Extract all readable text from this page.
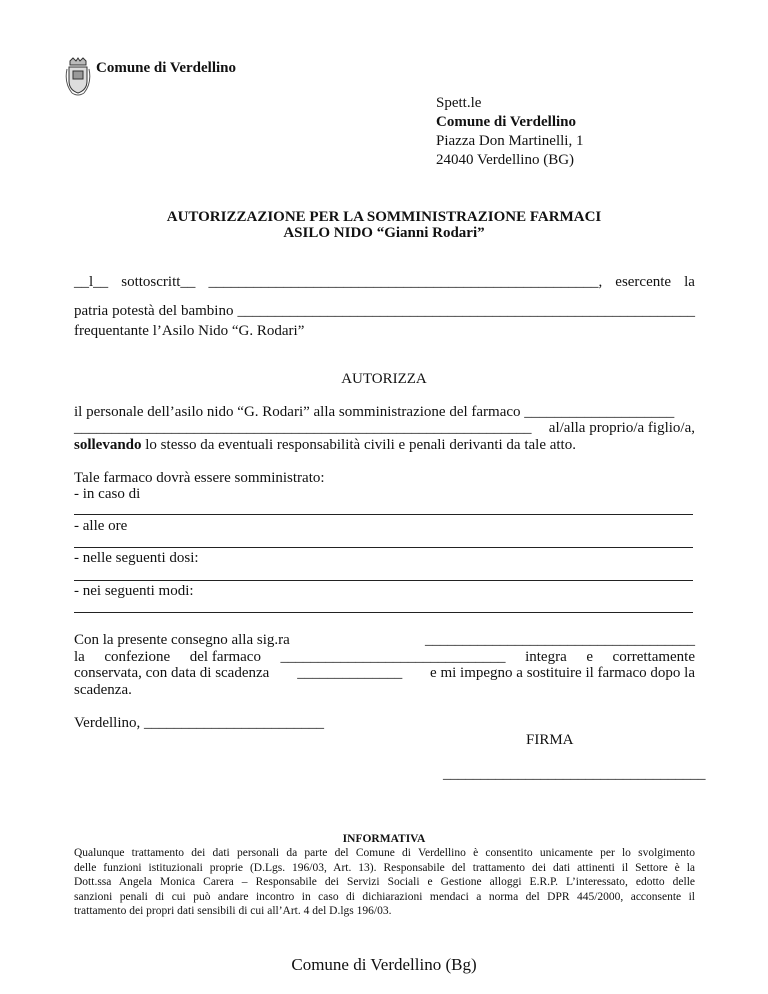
Comune di Verdellino
Spett.le
Comune di Verdellino
Piazza Don Martinelli, 1
24040 Verdellino (BG)
AUTORIZZAZIONE PER LA SOMMINISTRAZIONE FARMACI
ASILO NIDO “Gianni Rodari”
__l__ sottoscritt__ ____________________________________________________, esercente la
patria potestà del bambino _____________________________________________________________
frequentante l’Asilo Nido “G. Rodari”
AUTORIZZA
il personale dell’asilo nido “G. Rodari” alla somministrazione del farmaco ____________________
_____________________________________________________________ al/alla proprio/a figlio/a,
sollevando lo stesso da eventuali responsabilità civili e penali derivanti da tale atto.
Tale farmaco dovrà essere somministrato:
- in caso di
- alle ore
- nelle seguenti dosi:
- nei seguenti modi:
Con la presente consegno alla sig.ra	____________________________________
la confezione del farmaco ______________________________ integra e correttamente
conservata, con data di scadenza ______________ e mi impegno a sostituire il farmaco dopo la
scadenza.
Verdellino, ________________________
FIRMA
___________________________________
INFORMATIVA
Qualunque trattamento dei dati personali da parte del Comune di Verdellino è consentito unicamente per lo svolgimento
delle funzioni istituzionali proprie (D.Lgs. 196/03, Art. 13). Responsabile del trattamento dei dati attinenti il Settore è la
Dott.ssa Angela Monica Carera – Responsabile dei Servizi Sociali e Gestione alloggi E.R.P. L’interessato, edotto delle
sanzioni penali di cui può andare incontro in caso di dichiarazioni mendaci a norma del DPR 445/2000, acconsente il
trattamento dei propri dati sensibili di cui all’Art. 4 del D.lgs 196/03.
Comune di Verdellino (Bg)
